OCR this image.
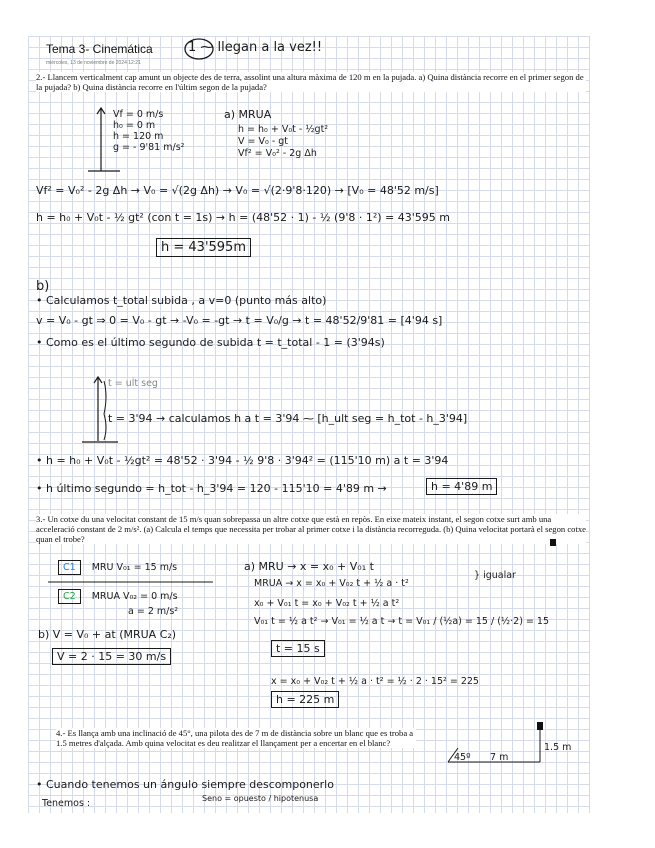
Tema 3- Cinemática
miércoles, 13 de noviembre de 2024 12:21
1 ⁓ llegan a la vez!!
2.- Llancem verticalment cap amunt un objecte des de terra, assolint una altura màxima de 120 m en la pujada. a) Quina distància recorre en el primer segon de la pujada? b) Quina distància recorre en l'últim segon de la pujada?
Vf = 0 m/s
h₀ = 0 m
h = 120 m
g = - 9'81 m/s²
a) MRUA
h = h₀ + V₀t - ½gt²
V = V₀ - gt
Vf² = V₀² - 2g Δh
Vf² = V₀² - 2g Δh → V₀ = √(2g Δh) → V₀ = √(2·9'8·120) → [V₀ = 48'52 m/s]
h = h₀ + V₀t - ½ gt² (con t = 1s) → h = (48'52 · 1) - ½ (9'8 · 1²) = 43'595 m
h = 43'595m
b)
• Calculamos t_total subida , a v=0 (punto más alto)
v = V₀ - gt ⇒ 0 = V₀ - gt → -V₀ = -gt → t = V₀/g → t = 48'52/9'81 = [4'94 s]
• Como es el último segundo de subida t = t_total - 1 = (3'94s)
t = ult seg
t = 3'94 → calculamos h a t = 3'94 ⁓ [h_ult seg = h_tot - h_3'94]
• h = h₀ + V₀t - ½gt² = 48'52 · 3'94 - ½ 9'8 · 3'94² = (115'10 m) a t = 3'94
• h último segundo = h_tot - h_3'94 = 120 - 115'10 = 4'89 m →	h = 4'89 m
3.- Un cotxe du una velocitat constant de 15 m/s quan sobrepassa un altre cotxe que està en repòs. En eixe mateix instant, el segon cotxe surt amb una acceleració constant de 2 m/s². (a) Calcula el temps que necessita per trobar al primer cotxe i la distància recorreguda. (b) Quina velocitat portarà el segon cotxe quan el trobe?
C1 MRU V₀₁ = 15 m/s
C2 MRUA V₀₂ = 0 m/s
a = 2 m/s²
b) V = V₀ + at (MRUA C₂)
V = 2 · 15 = 30 m/s
a) MRU → x = x₀ + V₀₁ t
MRUA → x = x₀ + V₀₂ t + ½ a · t²
} igualar
x₀ + V₀₁ t = x₀ + V₀₂ t + ½ a t²
V₀₁ t = ½ a t² → V₀₁ = ½ a t → t = V₀₁ / (½a) = 15 / (½·2) = 15
t = 15 s
x = x₀ + V₀₂ t + ½ a · t² = ½ · 2 · 15² = 225
h = 225 m
4.- Es llança amb una inclinació de 45°, una pilota des de 7 m de distància sobre un blanc que es troba a 1.5 metres d'alçada. Amb quina velocitat es deu realitzar el llançament per a encertar en el blanc?
45º 7 m
1.5 m
• Cuando tenemos un ángulo siempre descomponerlo
Tenemos :	Seno = opuesto / hipotenusa
